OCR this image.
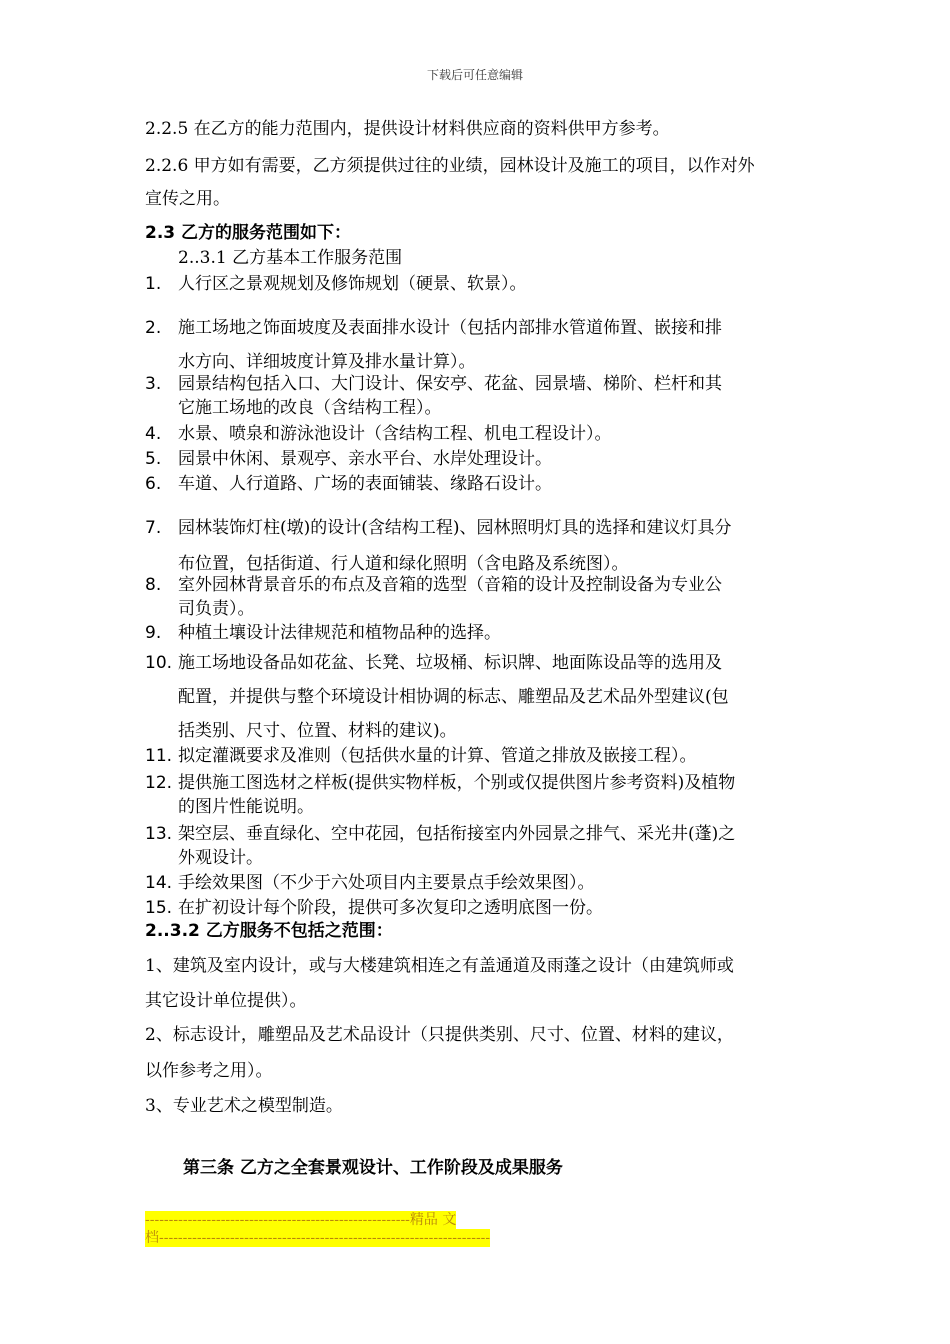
下载后可任意编辑
2.2.5 在乙方的能力范围内，提供设计材料供应商的资料供甲方参考。
2.2.6 甲方如有需要，乙方须提供过往的业绩，园林设计及施工的项目，以作对外
宣传之用。
2.3 乙方的服务范围如下：
2..3.1 乙方基本工作服务范围
1. 人行区之景观规划及修饰规划（硬景、软景）。
2. 施工场地之饰面坡度及表面排水设计（包括内部排水管道佈置、嵌接和排
水方向、详细坡度计算及排水量计算）。
3. 园景结构包括入口、大门设计、保安亭、花盆、园景墙、梯阶、栏杆和其
它施工场地的改良（含结构工程）。
4. 水景、喷泉和游泳池设计（含结构工程、机电工程设计）。
5. 园景中休闲、景观亭、亲水平台、水岸处理设计。
6. 车道、人行道路、广场的表面铺装、缘路石设计。
7. 园林装饰灯柱(墩)的设计(含结构工程)、园林照明灯具的选择和建议灯具分
布位置，包括街道、行人道和绿化照明（含电路及系统图）。
8. 室外园林背景音乐的布点及音箱的选型（音箱的设计及控制设备为专业公
司负责）。
9. 种植土壤设计法律规范和植物品种的选择。
10. 施工场地设备品如花盆、长凳、垃圾桶、标识牌、地面陈设品等的选用及
配置，并提供与整个环境设计相协调的标志、雕塑品及艺术品外型建议(包
括类别、尺寸、位置、材料的建议)。
11. 拟定灌溉要求及准则（包括供水量的计算、管道之排放及嵌接工程）。
12. 提供施工图选材之样板(提供实物样板，个别或仅提供图片参考资料)及植物
的图片性能说明。
13. 架空层、垂直绿化、空中花园，包括衔接室内外园景之排气、采光井(蓬)之
外观设计。
14. 手绘效果图（不少于六处项目内主要景点手绘效果图）。
15. 在扩初设计每个阶段，提供可多次复印之透明底图一份。
2..3.2 乙方服务不包括之范围：
1、建筑及室内设计，或与大楼建筑相连之有盖通道及雨蓬之设计（由建筑师或
其它设计单位提供）。
2、标志设计，雕塑品及艺术品设计（只提供类别、尺寸、位置、材料的建议，
以作参考之用）。
3、专业艺术之模型制造。
第三条 乙方之全套景观设计、工作阶段及成果服务
--------------------------------------------------------精品 文
档----------------------------------------------------------------------
